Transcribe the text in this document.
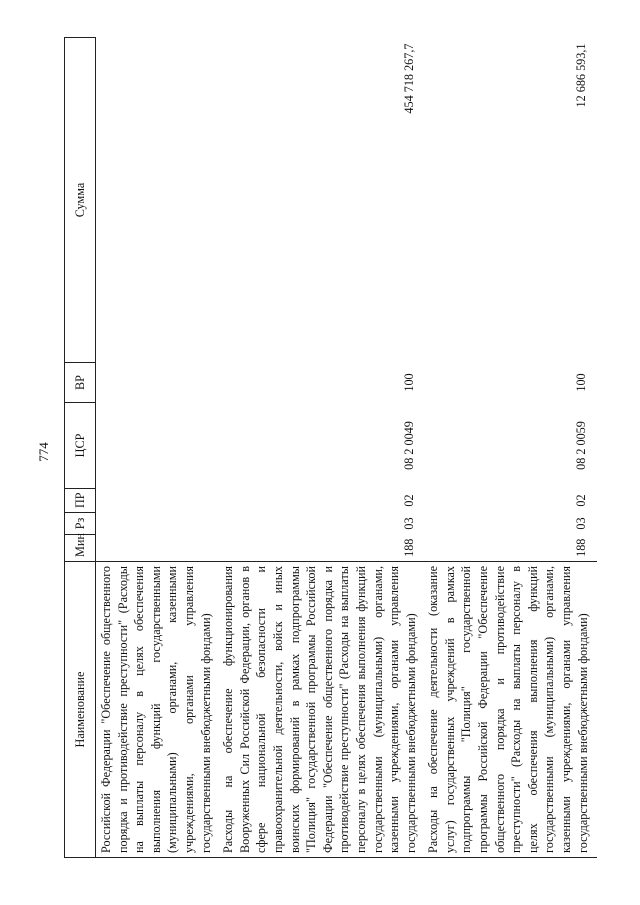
774
Наименование	Мин	Рз	ПР	ЦСР	ВР	Сумма
Российской Федерации "Обеспечение общественного порядка и противодействие преступности" (Расходы на выплаты персоналу в целях обеспечения выполнения функций государственными (муниципальными) органами, казенными учреждениями, органами управления государственными внебюджетными фондами)						
Расходы на обеспечение функционирования Вооруженных Сил Российской Федерации, органов в сфере национальной безопасности и правоохранительной деятельности, войск и иных воинских формирований в рамках подпрограммы "Полиция" государственной программы Российской Федерации "Обеспечение общественного порядка и противодействие преступности" (Расходы на выплаты персоналу в целях обеспечения выполнения функций государственными (муниципальными) органами, казенными учреждениями, органами управления государственными внебюджетными фондами)	188	03	02	08 2 0049	100	454 718 267,7
Расходы на обеспечение деятельности (оказание услуг) государственных учреждений в рамках подпрограммы "Полиция" государственной программы Российской Федерации "Обеспечение общественного порядка и противодействие преступности" (Расходы на выплаты персоналу в целях обеспечения выполнения функций государственными (муниципальными) органами, казенными учреждениями, органами управления государственными внебюджетными фондами)	188	03	02	08 2 0059	100	12 686 593,1
